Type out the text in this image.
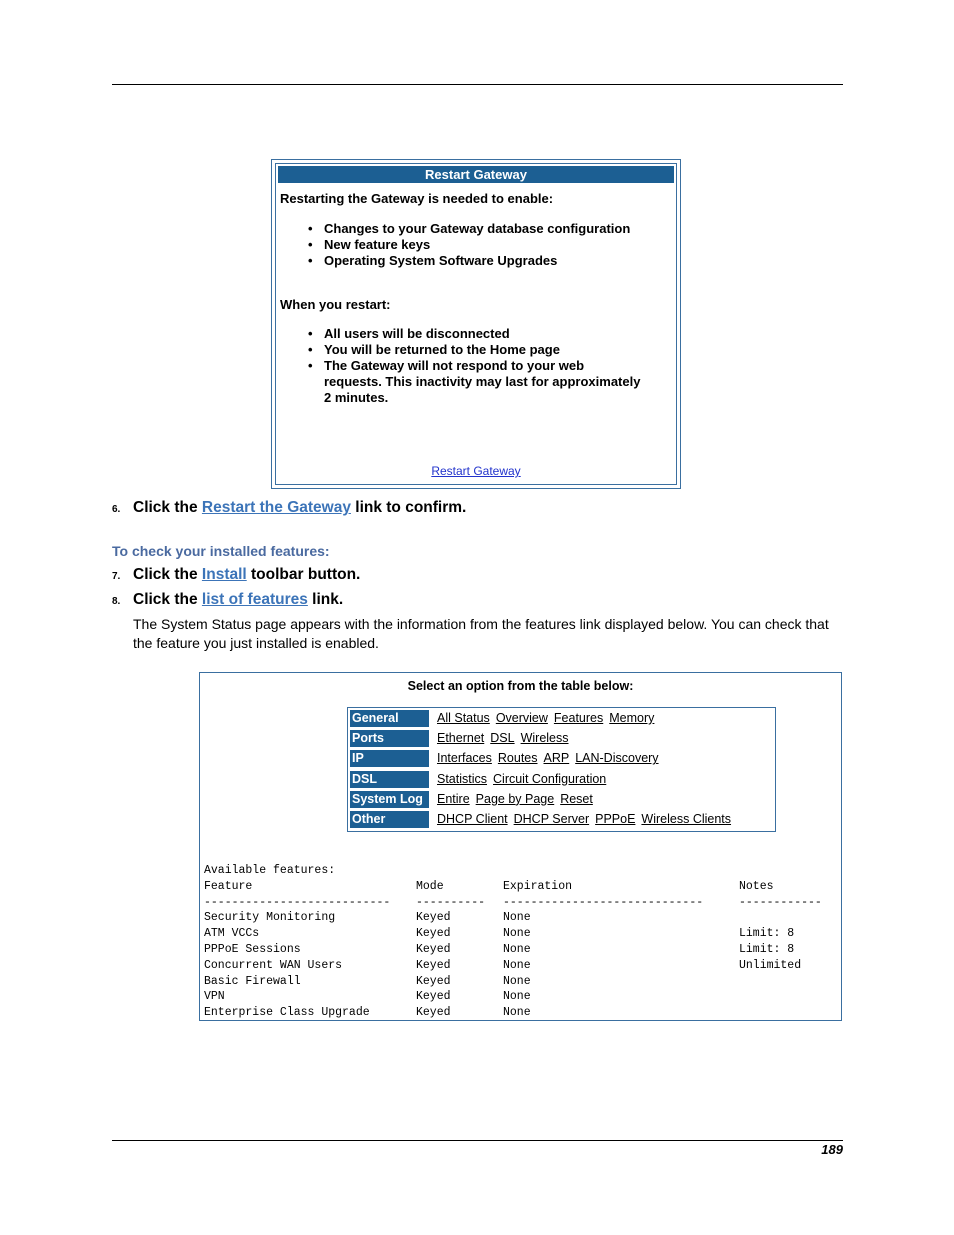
Restart Gateway
Restarting the Gateway is needed to enable:
• Changes to your Gateway database configuration
• New feature keys
• Operating System Software Upgrades
When you restart:
• All users will be disconnected
• You will be returned to the Home page
• The Gateway will not respond to your web requests. This inactivity may last for approximately 2 minutes.
Restart Gateway
6. Click the Restart the Gateway link to confirm.
To check your installed features:
7. Click the Install toolbar button.
8. Click the list of features link.
The System Status page appears with the information from the features link displayed below. You can check that the feature you just installed is enabled.
Select an option from the table below:
General	All Status Overview Features Memory
Ports	Ethernet DSL Wireless
IP	Interfaces Routes ARP LAN-Discovery
DSL	Statistics Circuit Configuration
System Log	Entire Page by Page Reset
Other	DHCP Client DHCP Server PPPoE Wireless Clients

Available features:

Feature	Mode	Expiration	Notes
--------------------------- ---------- -----------------------------	------------
Security Monitoring	Keyed	None
ATM VCCs	Keyed	None	Limit: 8
PPPoE Sessions	Keyed	None	Limit: 8
Concurrent WAN Users	Keyed	None	Unlimited
Basic Firewall	Keyed	None
VPN	Keyed	None
Enterprise Class Upgrade	Keyed	None

189
